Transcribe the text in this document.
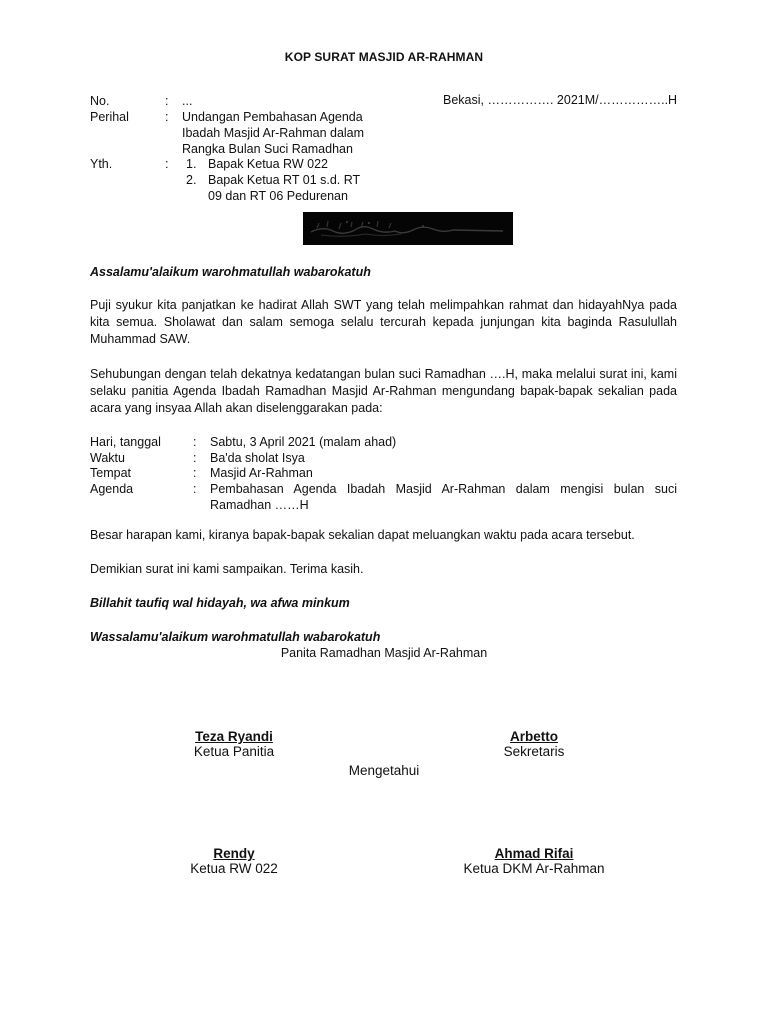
KOP SURAT MASJID AR-RAHMAN
No.	: ...
Perihal	: Undangan Pembahasan Agenda
Ibadah Masjid Ar-Rahman dalam
Rangka Bulan Suci Ramadhan
Yth.	: 1. Bapak Ketua RW 022
2. Bapak Ketua RT 01 s.d. RT
09 dan RT 06 Pedurenan
Bekasi, ……………. 2021M/……………..H
Assalamu'alaikum warohmatullah wabarokatuh
Puji syukur kita panjatkan ke hadirat Allah SWT yang telah melimpahkan rahmat dan hidayahNya pada kita semua. Sholawat dan salam semoga selalu tercurah kepada junjungan kita baginda Rasulullah Muhammad SAW.
Sehubungan dengan telah dekatnya kedatangan bulan suci Ramadhan ….H, maka melalui surat ini, kami selaku panitia Agenda Ibadah Ramadhan Masjid Ar-Rahman mengundang bapak-bapak sekalian pada acara yang insyaa Allah akan diselenggarakan pada:
Hari, tanggal	: Sabtu, 3 April 2021 (malam ahad)
Waktu	: Ba'da sholat Isya
Tempat	: Masjid Ar-Rahman
Agenda	: Pembahasan Agenda Ibadah Masjid Ar-Rahman dalam mengisi bulan suci Ramadhan ……H
Besar harapan kami, kiranya bapak-bapak sekalian dapat meluangkan waktu pada acara tersebut.
Demikian surat ini kami sampaikan. Terima kasih.
Billahit taufiq wal hidayah, wa afwa minkum
Wassalamu'alaikum warohmatullah wabarokatuh
Panita Ramadhan Masjid Ar-Rahman
Teza Ryandi
Ketua Panitia
Arbetto
Sekretaris
Mengetahui
Rendy
Ketua RW 022
Ahmad Rifai
Ketua DKM Ar-Rahman
